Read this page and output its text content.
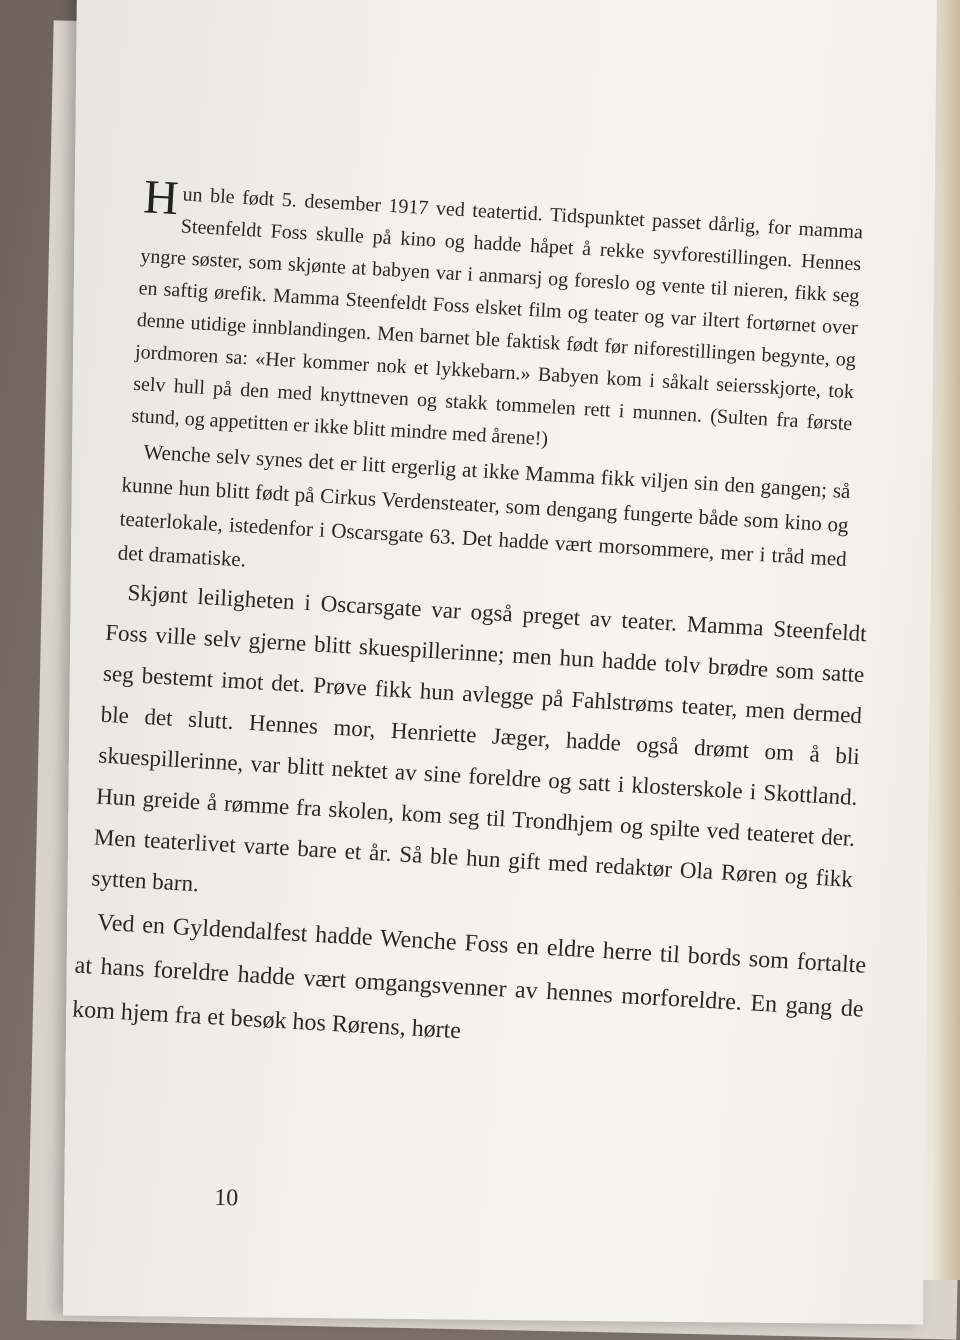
Hun ble født 5. desember 1917 ved teatertid. Tidspunktet passet dårlig, for mamma Steenfeldt Foss skulle på kino og hadde håpet å rekke syvforestillingen. Hennes yngre søster, som skjønte at babyen var i anmarsj og foreslo og vente til nieren, fikk seg en saftig ørefik. Mamma Steenfeldt Foss elsket film og teater og var iltert fortørnet over denne utidige innblandingen. Men barnet ble faktisk født før niforestillingen begynte, og jordmoren sa: «Her kommer nok et lykkebarn.» Babyen kom i såkalt seiersskjorte, tok selv hull på den med knyttneven og stakk tommelen rett i munnen. (Sulten fra første stund, og appetitten er ikke blitt mindre med årene!)

Wenche selv synes det er litt ergerlig at ikke Mamma fikk viljen sin den gangen; så kunne hun blitt født på Cirkus Verdensteater, som dengang fungerte både som kino og teaterlokale, istedenfor i Oscarsgate 63. Det hadde vært morsommere, mer i tråd med det dramatiske.

Skjønt leiligheten i Oscarsgate var også preget av teater. Mamma Steenfeldt Foss ville selv gjerne blitt skuespillerinne; men hun hadde tolv brødre som satte seg bestemt imot det. Prøve fikk hun avlegge på Fahlstrøms teater, men dermed ble det slutt. Hennes mor, Henriette Jæger, hadde også drømt om å bli skuespillerinne, var blitt nektet av sine foreldre og satt i klosterskole i Skottland. Hun greide å rømme fra skolen, kom seg til Trondhjem og spilte ved teateret der. Men teaterlivet varte bare et år. Så ble hun gift med redaktør Ola Røren og fikk sytten barn.

Ved en Gyldendalfest hadde Wenche Foss en eldre herre til bords som fortalte at hans foreldre hadde vært omgangsvenner av hennes morforeldre. En gang de kom hjem fra et besøk hos Rørens, hørte

10
